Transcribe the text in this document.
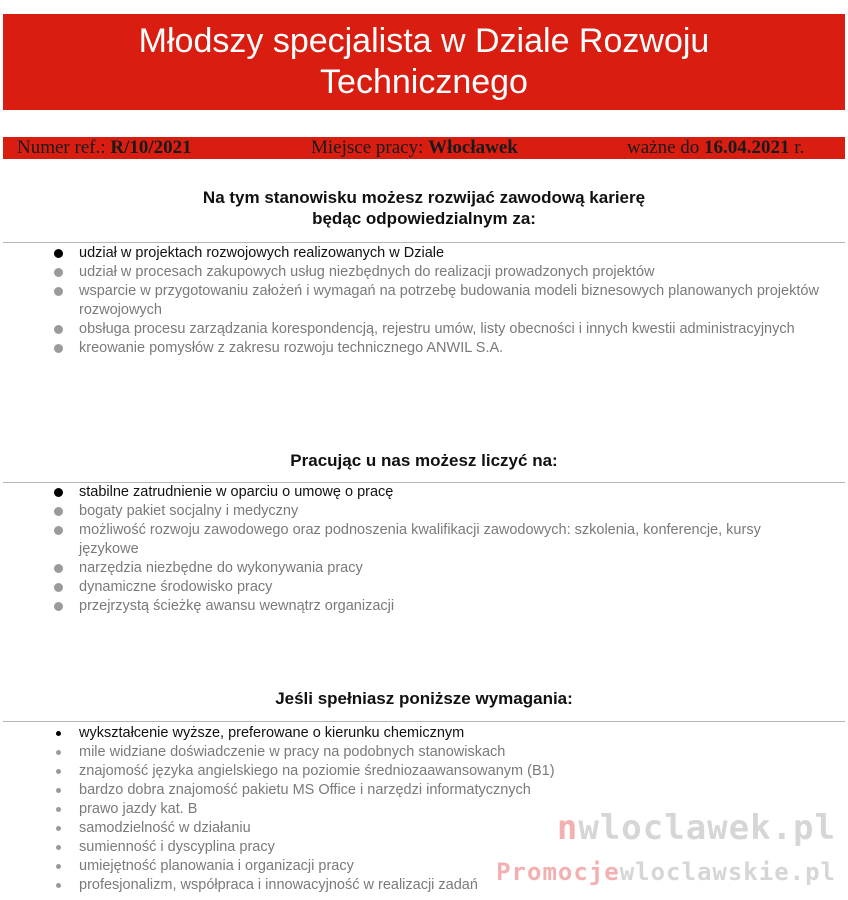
Młodszy specjalista w Dziale Rozwoju
Technicznego
Numer ref.: R/10/2021	Miejsce pracy: Włocławek	ważne do 16.04.2021 r.
Na tym stanowisku możesz rozwijać zawodową karierę
będąc odpowiedzialnym za:
udział w projektach rozwojowych realizowanych w Dziale
udział w procesach zakupowych usług niezbędnych do realizacji prowadzonych projektów
wsparcie w przygotowaniu założeń i wymagań na potrzebę budowania modeli biznesowych planowanych projektów rozwojowych
obsługa procesu zarządzania korespondencją, rejestru umów, listy obecności i innych kwestii administracyjnych
kreowanie pomysłów z zakresu rozwoju technicznego ANWIL S.A.
Pracując u nas możesz liczyć na:
stabilne zatrudnienie w oparciu o umowę o pracę
bogaty pakiet socjalny i medyczny
możliwość rozwoju zawodowego oraz podnoszenia kwalifikacji zawodowych: szkolenia, konferencje, kursy językowe
narzędzia niezbędne do wykonywania pracy
dynamiczne środowisko pracy
przejrzystą ścieżkę awansu wewnątrz organizacji
Jeśli spełniasz poniższe wymagania:
wykształcenie wyższe, preferowane o kierunku chemicznym
mile widziane doświadczenie w pracy na podobnych stanowiskach
znajomość języka angielskiego na poziomie średniozaawansowanym (B1)
bardzo dobra znajomość pakietu MS Office i narzędzi informatycznych
prawo jazdy kat. B
samodzielność w działaniu
sumienność i dyscyplina pracy
umiejętność planowania i organizacji pracy
profesjonalizm, współpraca i innowacyjność w realizacji zadań
nwloclawek.pl
Promocjewloclawskie.pl
